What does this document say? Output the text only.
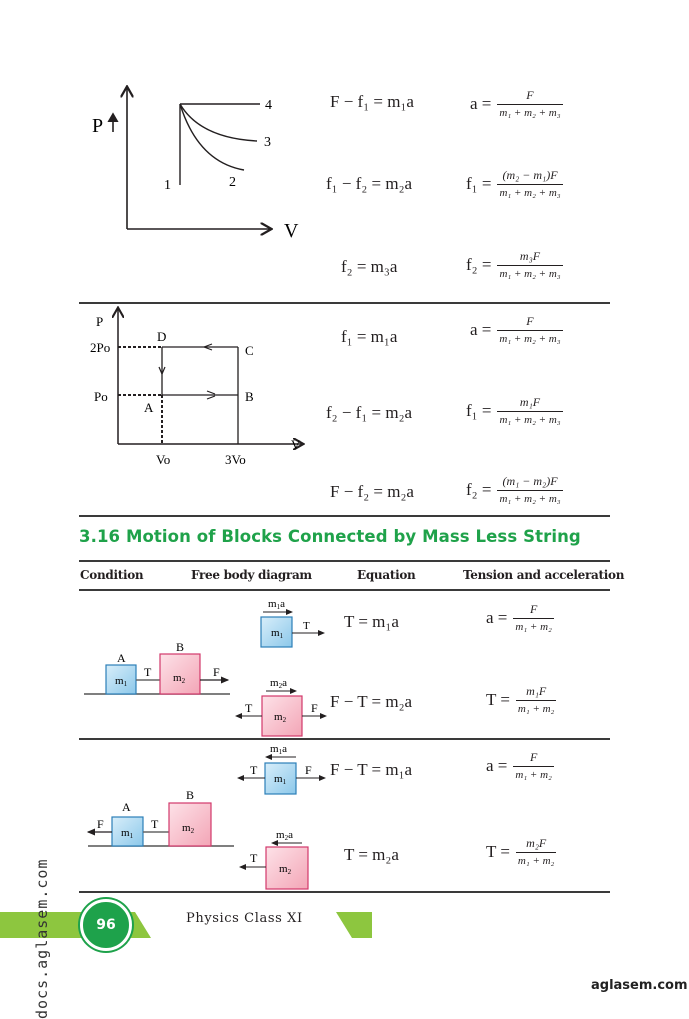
P
V
1	2
3
4	F − f₁ = m₁a	$a = \frac{F}{\text{m₁ + m₂ + m₃}}$
f₁ − f₂ = m₂a	$f_1 = \frac{\text{(m₂ − m₁)F}}{\text{m₁ + m₂ + m₃}}$
f₂ = m₃a	$f_2 = \frac{\text{m₃F}}{\text{m₁ + m₂ + m₃}}$
P
V
2Po
Po
D
C
B
A
Vo	3Vo
f₁ = m₁a	$a = \frac{F}{\text{m₁ + m₂ + m₃}}$
f₂ − f₁ = m₂a	$f_1 = \frac{\text{m₁F}}{\text{m₁ + m₂ + m₃}}$
F − f₂ = m₂a	$f_2 = \frac{\text{(m₁ − m₂)F}}{\text{m₁ + m₂ + m₃}}$
3.16 Motion of Blocks Connected by Mass Less String
Condition	Free body diagram	Equation	Tension and acceleration
m1
A
T m2
B
F
m1a
m1
T
m2a
m2
T	F
T = m₁a	$a = \frac{F}{\text{m₁ + m₂}}$
F − T = m₂a	$T = \frac{\text{m₁F}}{\text{m₁ + m₂}}$
m1
A
F	T m2
B
m1a
m1
T	F
m2a
m2
T
F − T = m₁a	$a = \frac{F}{\text{m₁ + m₂}}$
T = m₂a	$T = \frac{\text{m₂F}}{\text{m₁ + m₂}}$
96	Physics Class XI
docs.aglasem.com	aglasem.com
